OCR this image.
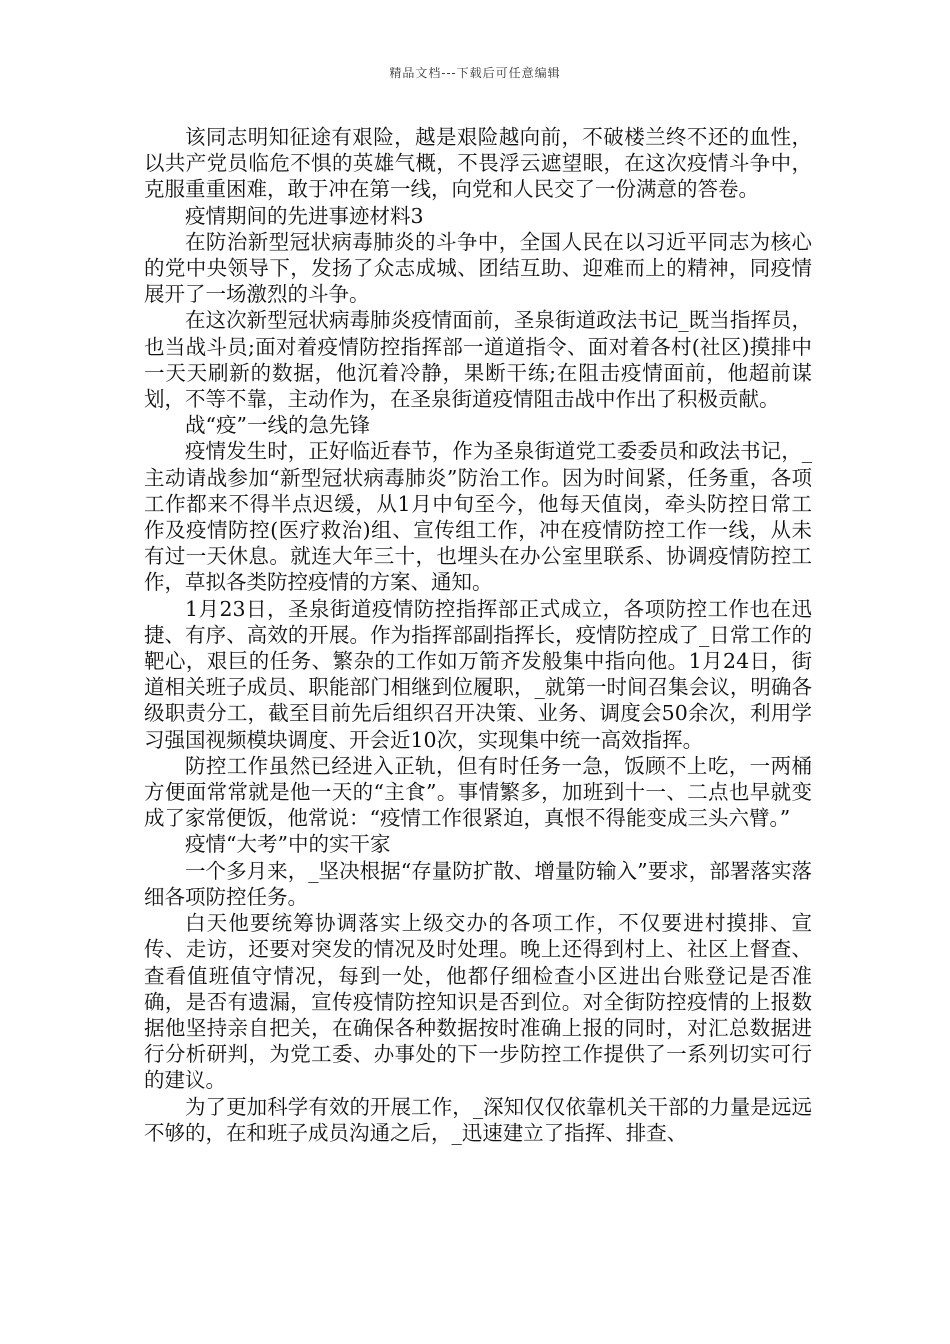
精品文档---下载后可任意编辑

该同志明知征途有艰险，越是艰险越向前，不破楼兰终不还的血性，以共产党员临危不惧的英雄气概，不畏浮云遮望眼，在这次疫情斗争中，克服重重困难，敢于冲在第一线，向党和人民交了一份满意的答卷。

疫情期间的先进事迹材料3

在防治新型冠状病毒肺炎的斗争中，全国人民在以习近平同志为核心的党中央领导下，发扬了众志成城、团结互助、迎难而上的精神，同疫情展开了一场激烈的斗争。

在这次新型冠状病毒肺炎疫情面前，圣泉街道政法书记_既当指挥员，也当战斗员;面对着疫情防控指挥部一道道指令、面对着各村(社区)摸排中一天天刷新的数据，他沉着冷静，果断干练;在阻击疫情面前，他超前谋划，不等不靠，主动作为，在圣泉街道疫情阻击战中作出了积极贡献。

战“疫”一线的急先锋

疫情发生时，正好临近春节，作为圣泉街道党工委委员和政法书记，_主动请战参加“新型冠状病毒肺炎”防治工作。因为时间紧，任务重，各项工作都来不得半点迟缓，从1月中旬至今，他每天值岗，牵头防控日常工作及疫情防控(医疗救治)组、宣传组工作，冲在疫情防控工作一线，从未有过一天休息。就连大年三十，也埋头在办公室里联系、协调疫情防控工作，草拟各类防控疫情的方案、通知。

1月23日，圣泉街道疫情防控指挥部正式成立，各项防控工作也在迅捷、有序、高效的开展。作为指挥部副指挥长，疫情防控成了_日常工作的靶心，艰巨的任务、繁杂的工作如万箭齐发般集中指向他。1月24日，街道相关班子成员、职能部门相继到位履职，_就第一时间召集会议，明确各级职责分工，截至目前先后组织召开决策、业务、调度会50余次，利用学习强国视频模块调度、开会近10次，实现集中统一高效指挥。

防控工作虽然已经进入正轨，但有时任务一急，饭顾不上吃，一两桶方便面常常就是他一天的“主食”。事情繁多，加班到十一、二点也早就变成了家常便饭，他常说：“疫情工作很紧迫，真恨不得能变成三头六臂。”

疫情“大考”中的实干家

一个多月来，_坚决根据“存量防扩散、增量防输入”要求，部署落实落细各项防控任务。

白天他要统筹协调落实上级交办的各项工作，不仅要进村摸排、宣传、走访，还要对突发的情况及时处理。晚上还得到村上、社区上督查、查看值班值守情况，每到一处，他都仔细检查小区进出台账登记是否准确，是否有遗漏，宣传疫情防控知识是否到位。对全街防控疫情的上报数据他坚持亲自把关，在确保各种数据按时准确上报的同时，对汇总数据进行分析研判，为党工委、办事处的下一步防控工作提供了一系列切实可行的建议。

为了更加科学有效的开展工作，_深知仅仅依靠机关干部的力量是远远不够的，在和班子成员沟通之后，_迅速建立了指挥、排查、
